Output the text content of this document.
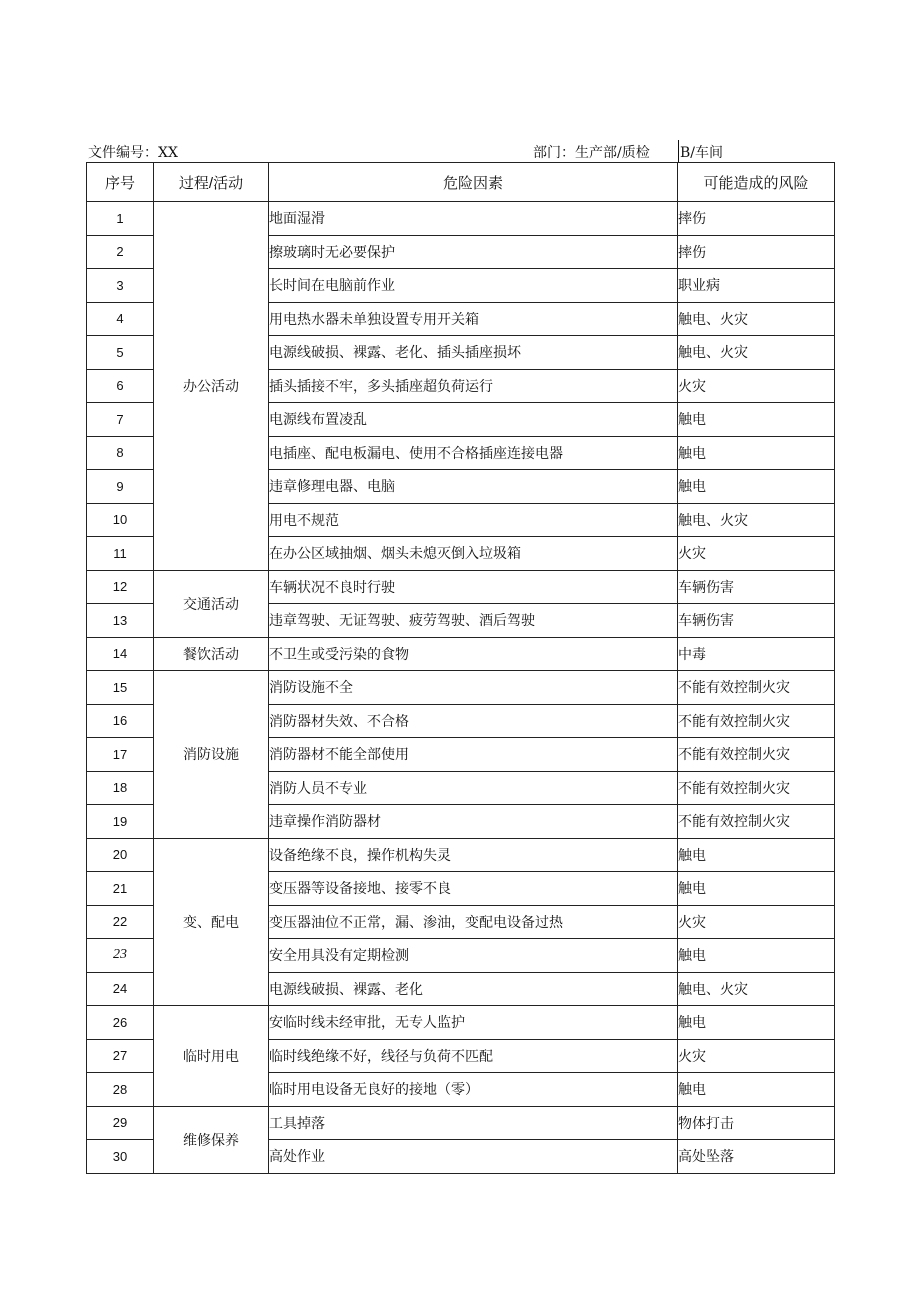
文件编号：XX	部门：生产部/质检 B/车间
序号	过程/活动	危险因素	可能造成的风险
1	办公活动	地面湿滑	摔伤
2		擦玻璃时无必要保护	摔伤
3		长时间在电脑前作业	职业病
4		用电热水器未单独设置专用开关箱	触电、火灾
5		电源线破损、裸露、老化、插头插座损坏	触电、火灾
6		插头插接不牢，多头插座超负荷运行	火灾
7		电源线布置凌乱	触电
8		电插座、配电板漏电、使用不合格插座连接电器	触电
9		违章修理电器、电脑	触电
10		用电不规范	触电、火灾
11		在办公区域抽烟、烟头未熄灭倒入垃圾箱	火灾
12	交通活动	车辆状况不良时行驶	车辆伤害
13		违章驾驶、无证驾驶、疲劳驾驶、酒后驾驶	车辆伤害
14	餐饮活动	不卫生或受污染的食物	中毒
15	消防设施	消防设施不全	不能有效控制火灾
16		消防器材失效、不合格	不能有效控制火灾
17		消防器材不能全部使用	不能有效控制火灾
18		消防人员不专业	不能有效控制火灾
19		违章操作消防器材	不能有效控制火灾
20	变、配电	设备绝缘不良，操作机构失灵	触电
21		变压器等设备接地、接零不良	触电
22		变压器油位不正常，漏、渗油，变配电设备过热	火灾
23		安全用具没有定期检测	触电
24		电源线破损、裸露、老化	触电、火灾
26	临时用电	安临时线未经审批，无专人监护	触电
27		临时线绝缘不好，线径与负荷不匹配	火灾
28		临时用电设备无良好的接地（零）	触电
29	维修保养	工具掉落	物体打击
30		高处作业	高处坠落
